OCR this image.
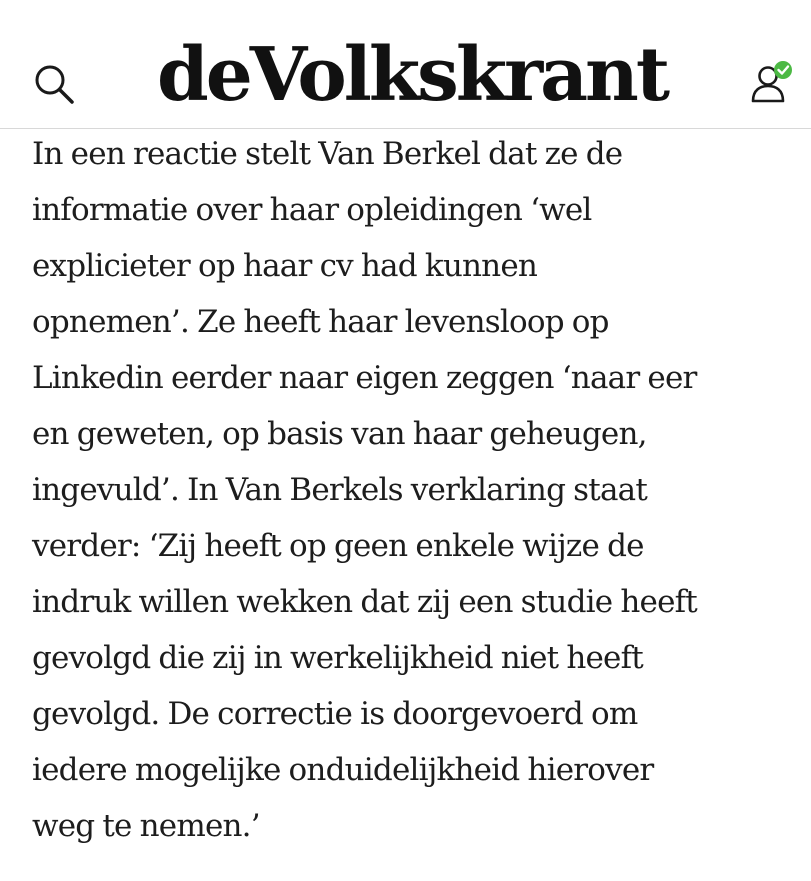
deVolkskrant

In een reactie stelt Van Berkel dat ze de
informatie over haar opleidingen ‘wel
explicieter op haar cv had kunnen
opnemen’. Ze heeft haar levensloop op
Linkedin eerder naar eigen zeggen ‘naar eer
en geweten, op basis van haar geheugen,
ingevuld’. In Van Berkels verklaring staat
verder: ‘Zij heeft op geen enkele wijze de
indruk willen wekken dat zij een studie heeft
gevolgd die zij in werkelijkheid niet heeft
gevolgd. De correctie is doorgevoerd om
iedere mogelijke onduidelijkheid hierover
weg te nemen.’
